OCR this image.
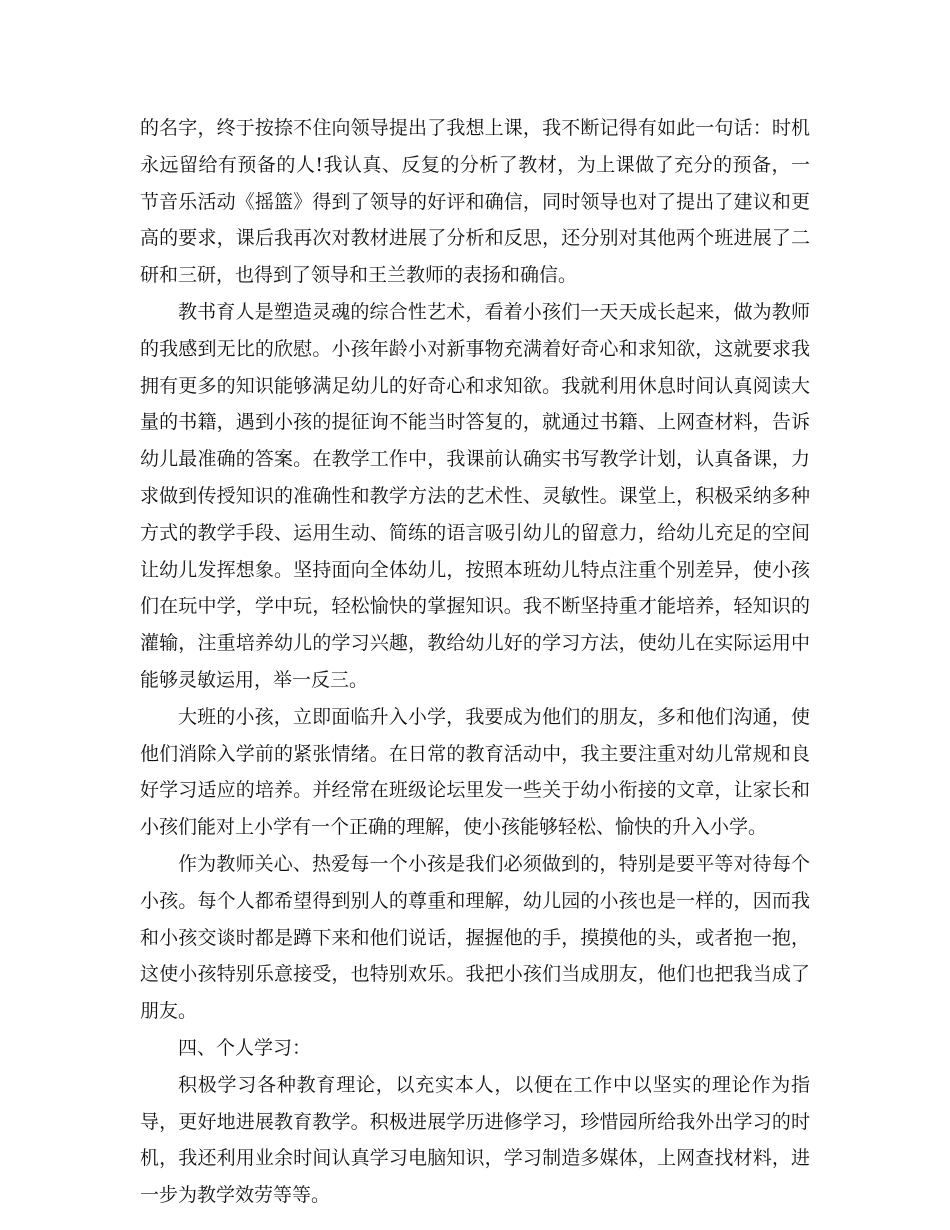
的名字，终于按捺不住向领导提出了我想上课，我不断记得有如此一句话：时机永远留给有预备的人!我认真、反复的分析了教材，为上课做了充分的预备，一节音乐活动《摇篮》得到了领导的好评和确信，同时领导也对了提出了建议和更高的要求，课后我再次对教材进展了分析和反思，还分别对其他两个班进展了二研和三研，也得到了领导和王兰教师的表扬和确信。

教书育人是塑造灵魂的综合性艺术，看着小孩们一天天成长起来，做为教师的我感到无比的欣慰。小孩年龄小对新事物充满着好奇心和求知欲，这就要求我拥有更多的知识能够满足幼儿的好奇心和求知欲。我就利用休息时间认真阅读大量的书籍，遇到小孩的提征询不能当时答复的，就通过书籍、上网查材料，告诉幼儿最准确的答案。在教学工作中，我课前认确实书写教学计划，认真备课，力求做到传授知识的准确性和教学方法的艺术性、灵敏性。课堂上，积极采纳多种方式的教学手段、运用生动、简练的语言吸引幼儿的留意力，给幼儿充足的空间让幼儿发挥想象。坚持面向全体幼儿，按照本班幼儿特点注重个别差异，使小孩们在玩中学，学中玩，轻松愉快的掌握知识。我不断坚持重才能培养，轻知识的灌输，注重培养幼儿的学习兴趣，教给幼儿好的学习方法，使幼儿在实际运用中能够灵敏运用，举一反三。

大班的小孩，立即面临升入小学，我要成为他们的朋友，多和他们沟通，使他们消除入学前的紧张情绪。在日常的教育活动中，我主要注重对幼儿常规和良好学习适应的培养。并经常在班级论坛里发一些关于幼小衔接的文章，让家长和小孩们能对上小学有一个正确的理解，使小孩能够轻松、愉快的升入小学。

作为教师关心、热爱每一个小孩是我们必须做到的，特别是要平等对待每个小孩。每个人都希望得到别人的尊重和理解，幼儿园的小孩也是一样的，因而我和小孩交谈时都是蹲下来和他们说话，握握他的手，摸摸他的头，或者抱一抱，这使小孩特别乐意接受，也特别欢乐。我把小孩们当成朋友，他们也把我当成了朋友。

四、个人学习：

积极学习各种教育理论，以充实本人，以便在工作中以坚实的理论作为指导，更好地进展教育教学。积极进展学历进修学习，珍惜园所给我外出学习的时机，我还利用业余时间认真学习电脑知识，学习制造多媒体，上网查找材料，进一步为教学效劳等等。
